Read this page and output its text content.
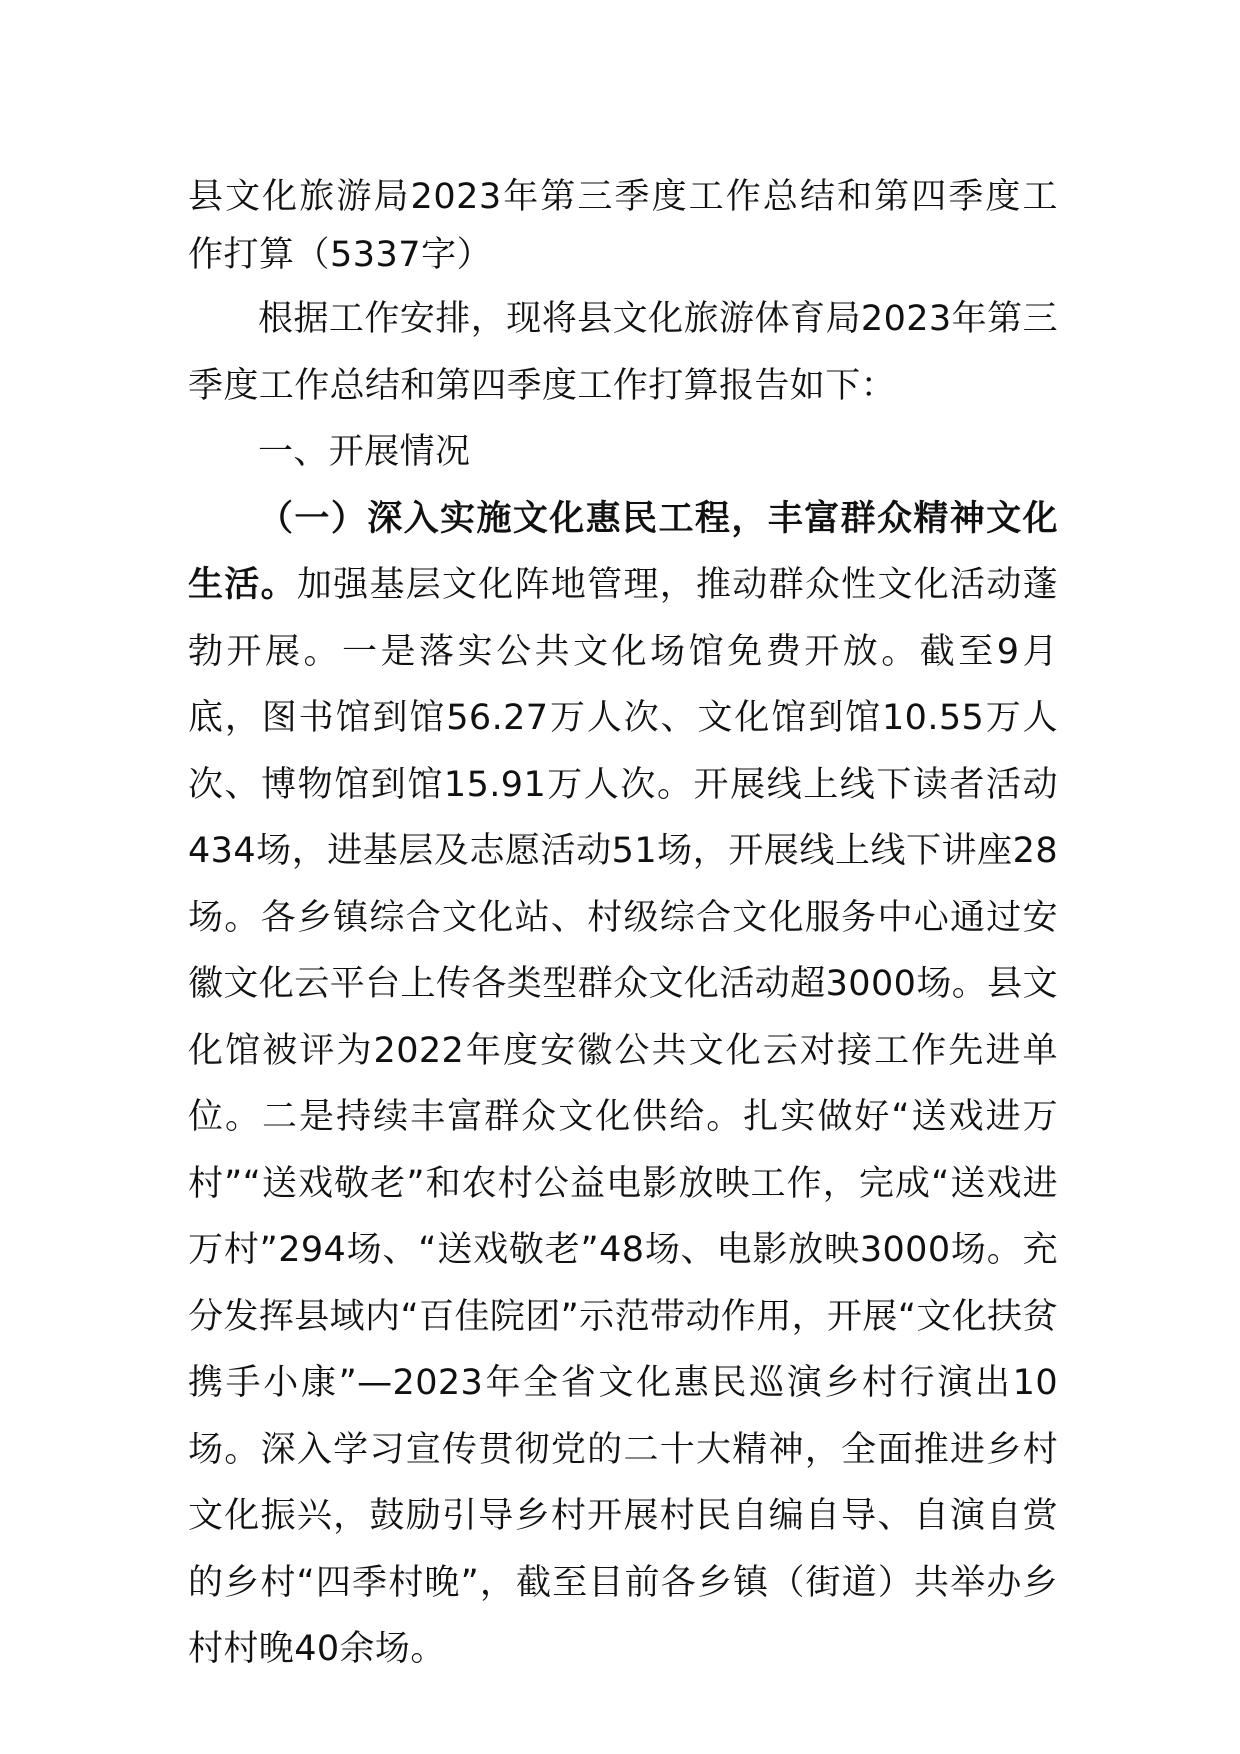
县文化旅游局2023年第三季度工作总结和第四季度工作打算（5337字）

根据工作安排，现将县文化旅游体育局2023年第三季度工作总结和第四季度工作打算报告如下：

一、开展情况

（一）深入实施文化惠民工程，丰富群众精神文化生活。加强基层文化阵地管理，推动群众性文化活动蓬勃开展。一是落实公共文化场馆免费开放。截至9月底，图书馆到馆56.27万人次、文化馆到馆10.55万人次、博物馆到馆15.91万人次。开展线上线下读者活动434场，进基层及志愿活动51场，开展线上线下讲座28场。各乡镇综合文化站、村级综合文化服务中心通过安徽文化云平台上传各类型群众文化活动超3000场。县文化馆被评为2022年度安徽公共文化云对接工作先进单位。二是持续丰富群众文化供给。扎实做好“送戏进万村”“送戏敬老”和农村公益电影放映工作，完成“送戏进万村”294场、“送戏敬老”48场、电影放映3000场。充分发挥县域内“百佳院团”示范带动作用，开展“文化扶贫携手小康”—2023年全省文化惠民巡演乡村行演出10场。深入学习宣传贯彻党的二十大精神，全面推进乡村文化振兴，鼓励引导乡村开展村民自编自导、自演自赏的乡村“四季村晚”，截至目前各乡镇（街道）共举办乡村村晚40余场。
